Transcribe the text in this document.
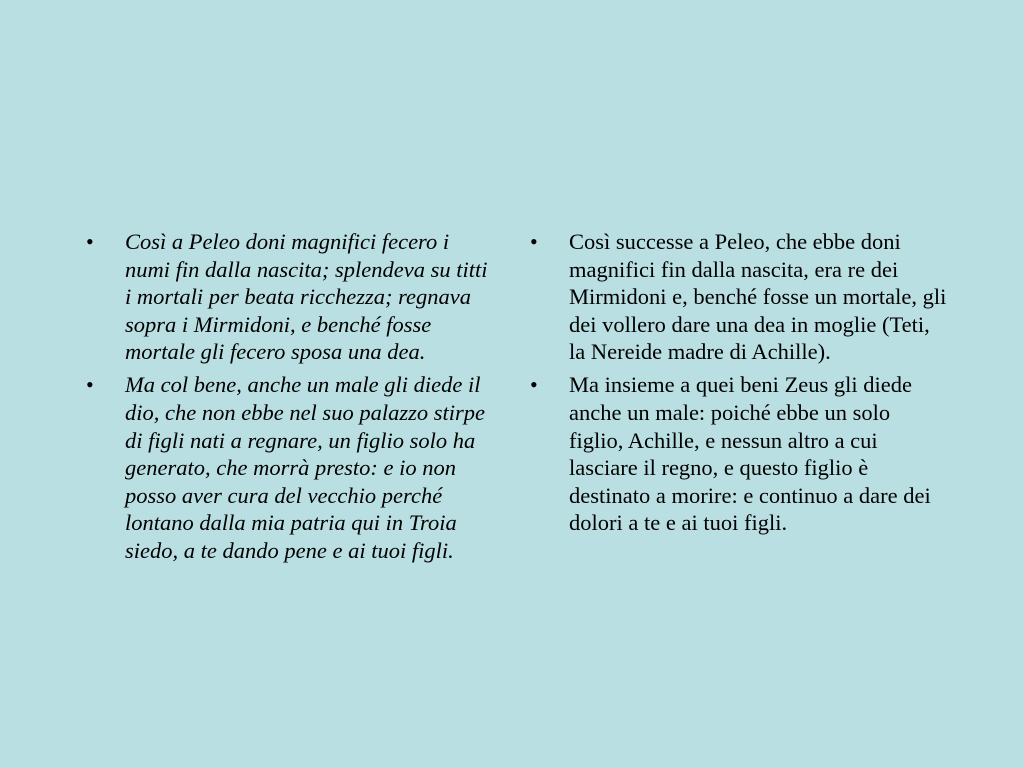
• Così a Peleo doni magnifici fecero i numi fin dalla nascita; splendeva su titti i mortali per beata ricchezza; regnava sopra i Mirmidoni, e benché fosse mortale gli fecero sposa una dea.
• Ma col bene, anche un male gli diede il dio, che non ebbe nel suo palazzo stirpe di figli nati a regnare, un figlio solo ha generato, che morrà presto: e io non posso aver cura del vecchio perché lontano dalla mia patria qui in Troia siedo, a te dando pene e ai tuoi figli.
• Così successe a Peleo, che ebbe doni magnifici fin dalla nascita, era re dei Mirmidoni e, benché fosse un mortale, gli dei vollero dare una dea in moglie (Teti, la Nereide madre di Achille).
• Ma insieme a quei beni Zeus gli diede anche un male: poiché ebbe un solo figlio, Achille, e nessun altro a cui lasciare il regno, e questo figlio è destinato a morire: e continuo a dare dei dolori a te e ai tuoi figli.
